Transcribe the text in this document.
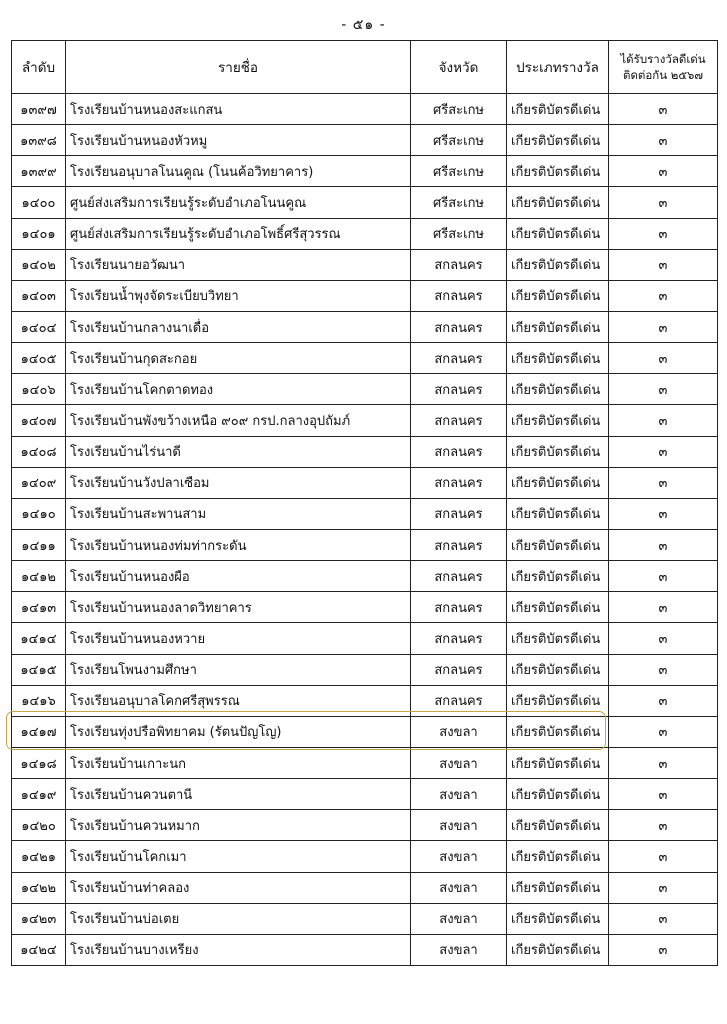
- ๕๑ -
ลำดับ	รายชื่อ	จังหวัด	ประเภทรางวัล	ได้รับรางวัลดีเด่น
ติดต่อกัน ๒๕๖๗
๑๓๙๗	โรงเรียนบ้านหนองสะแกสน	ศรีสะเกษ	เกียรติบัตรดีเด่น	๓
๑๓๙๘	โรงเรียนบ้านหนองหัวหมู	ศรีสะเกษ	เกียรติบัตรดีเด่น	๓
๑๓๙๙	โรงเรียนอนุบาลโนนคูณ (โนนค้อวิทยาคาร)	ศรีสะเกษ	เกียรติบัตรดีเด่น	๓
๑๔๐๐	ศูนย์ส่งเสริมการเรียนรู้ระดับอำเภอโนนคูณ	ศรีสะเกษ	เกียรติบัตรดีเด่น	๓
๑๔๐๑	ศูนย์ส่งเสริมการเรียนรู้ระดับอำเภอโพธิ์ศรีสุวรรณ	ศรีสะเกษ	เกียรติบัตรดีเด่น	๓
๑๔๐๒	โรงเรียนนายอวัฒนา	สกลนคร	เกียรติบัตรดีเด่น	๓
๑๔๐๓	โรงเรียนน้ำพุงจัดระเบียบวิทยา	สกลนคร	เกียรติบัตรดีเด่น	๓
๑๔๐๔	โรงเรียนบ้านกลางนาเดื่อ	สกลนคร	เกียรติบัตรดีเด่น	๓
๑๔๐๕	โรงเรียนบ้านกุดสะกอย	สกลนคร	เกียรติบัตรดีเด่น	๓
๑๔๐๖	โรงเรียนบ้านโคกตาดทอง	สกลนคร	เกียรติบัตรดีเด่น	๓
๑๔๐๗	โรงเรียนบ้านพังขว้างเหนือ ๙๐๙ กรป.กลางอุปถัมภ์	สกลนคร	เกียรติบัตรดีเด่น	๓
๑๔๐๘	โรงเรียนบ้านไร่นาดี	สกลนคร	เกียรติบัตรดีเด่น	๓
๑๔๐๙	โรงเรียนบ้านวังปลาเซือม	สกลนคร	เกียรติบัตรดีเด่น	๓
๑๔๑๐	โรงเรียนบ้านสะพานสาม	สกลนคร	เกียรติบัตรดีเด่น	๓
๑๔๑๑	โรงเรียนบ้านหนองท่มท่ากระดัน	สกลนคร	เกียรติบัตรดีเด่น	๓
๑๔๑๒	โรงเรียนบ้านหนองผือ	สกลนคร	เกียรติบัตรดีเด่น	๓
๑๔๑๓	โรงเรียนบ้านหนองลาดวิทยาคาร	สกลนคร	เกียรติบัตรดีเด่น	๓
๑๔๑๔	โรงเรียนบ้านหนองหวาย	สกลนคร	เกียรติบัตรดีเด่น	๓
๑๔๑๕	โรงเรียนโพนงามศึกษา	สกลนคร	เกียรติบัตรดีเด่น	๓
๑๔๑๖	โรงเรียนอนุบาลโคกศรีสุพรรณ	สกลนคร	เกียรติบัตรดีเด่น	๓
๑๔๑๗	โรงเรียนทุ่งปรือพิทยาคม (รัตนปัญโญ)	สงขลา	เกียรติบัตรดีเด่น	๓
๑๔๑๘	โรงเรียนบ้านเกาะนก	สงขลา	เกียรติบัตรดีเด่น	๓
๑๔๑๙	โรงเรียนบ้านควนตานี	สงขลา	เกียรติบัตรดีเด่น	๓
๑๔๒๐	โรงเรียนบ้านควนหมาก	สงขลา	เกียรติบัตรดีเด่น	๓
๑๔๒๑	โรงเรียนบ้านโคกเมา	สงขลา	เกียรติบัตรดีเด่น	๓
๑๔๒๒	โรงเรียนบ้านท่าคลอง	สงขลา	เกียรติบัตรดีเด่น	๓
๑๔๒๓	โรงเรียนบ้านบ่อเตย	สงขลา	เกียรติบัตรดีเด่น	๓
๑๔๒๔	โรงเรียนบ้านบางเหรียง	สงขลา	เกียรติบัตรดีเด่น	๓
